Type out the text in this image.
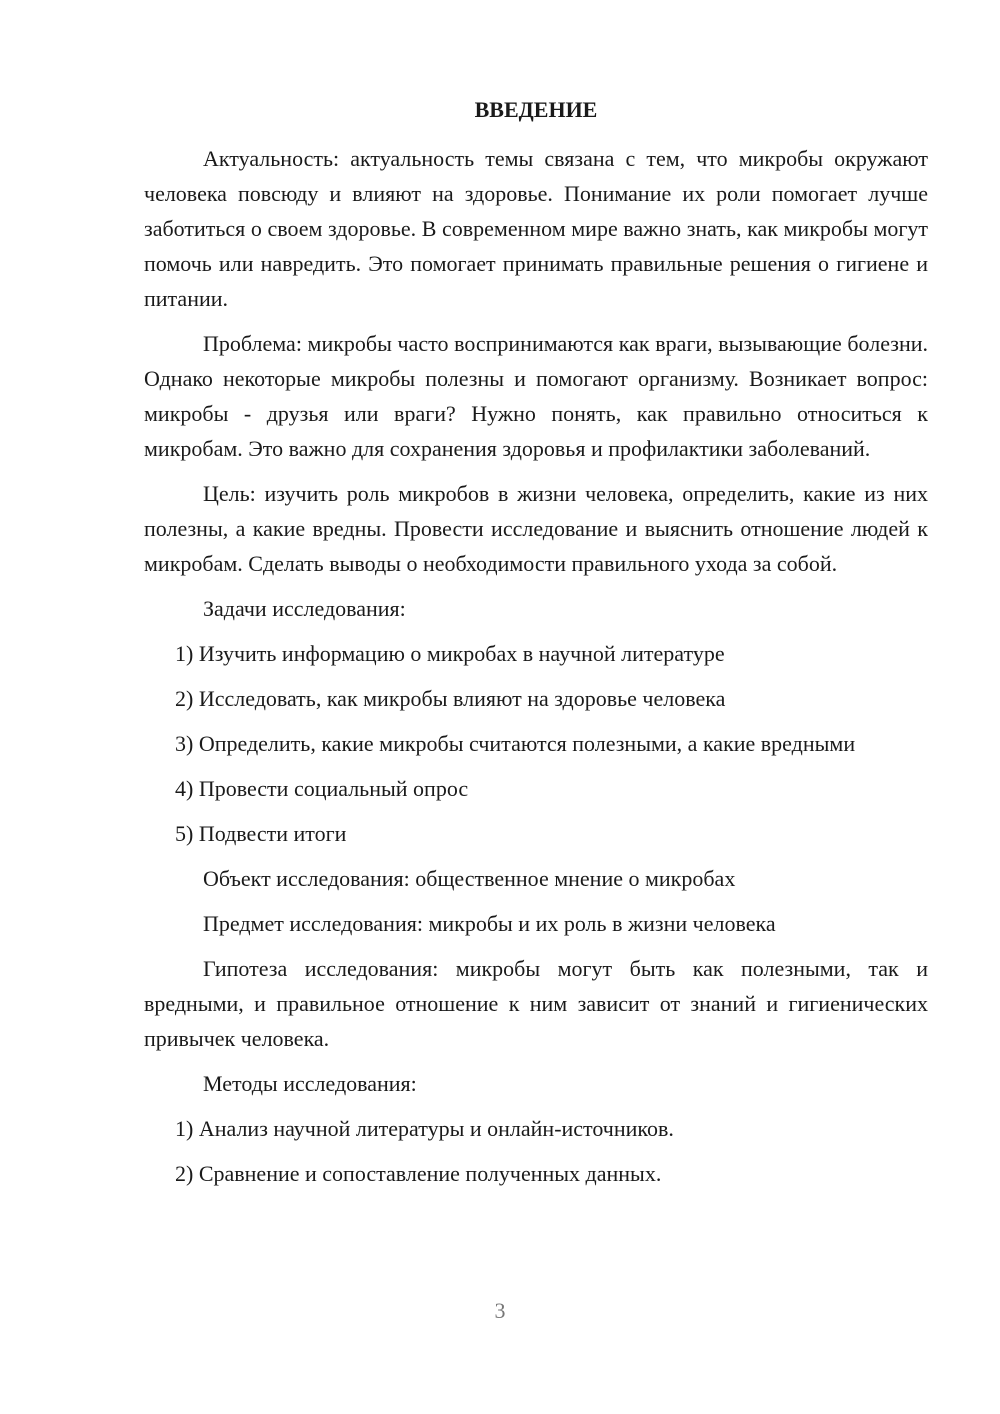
ВВЕДЕНИЕ

Актуальность: актуальность темы связана с тем, что микробы окружают человека повсюду и влияют на здоровье. Понимание их роли помогает лучше заботиться о своем здоровье. В современном мире важно знать, как микробы могут помочь или навредить. Это помогает принимать правильные решения о гигиене и питании.

Проблема: микробы часто воспринимаются как враги, вызывающие болезни. Однако некоторые микробы полезны и помогают организму. Возникает вопрос: микробы - друзья или враги? Нужно понять, как правильно относиться к микробам. Это важно для сохранения здоровья и профилактики заболеваний.

Цель: изучить роль микробов в жизни человека, определить, какие из них полезны, а какие вредны. Провести исследование и выяснить отношение людей к микробам. Сделать выводы о необходимости правильного ухода за собой.

Задачи исследования:

1) Изучить информацию о микробах в научной литературе

2) Исследовать, как микробы влияют на здоровье человека

3) Определить, какие микробы считаются полезными, а какие вредными

4) Провести социальный опрос

5) Подвести итоги

Объект исследования: общественное мнение о микробах

Предмет исследования: микробы и их роль в жизни человека

Гипотеза исследования: микробы могут быть как полезными, так и вредными, и правильное отношение к ним зависит от знаний и гигиенических привычек человека.

Методы исследования:

1) Анализ научной литературы и онлайн-источников.

2) Сравнение и сопоставление полученных данных.

3
